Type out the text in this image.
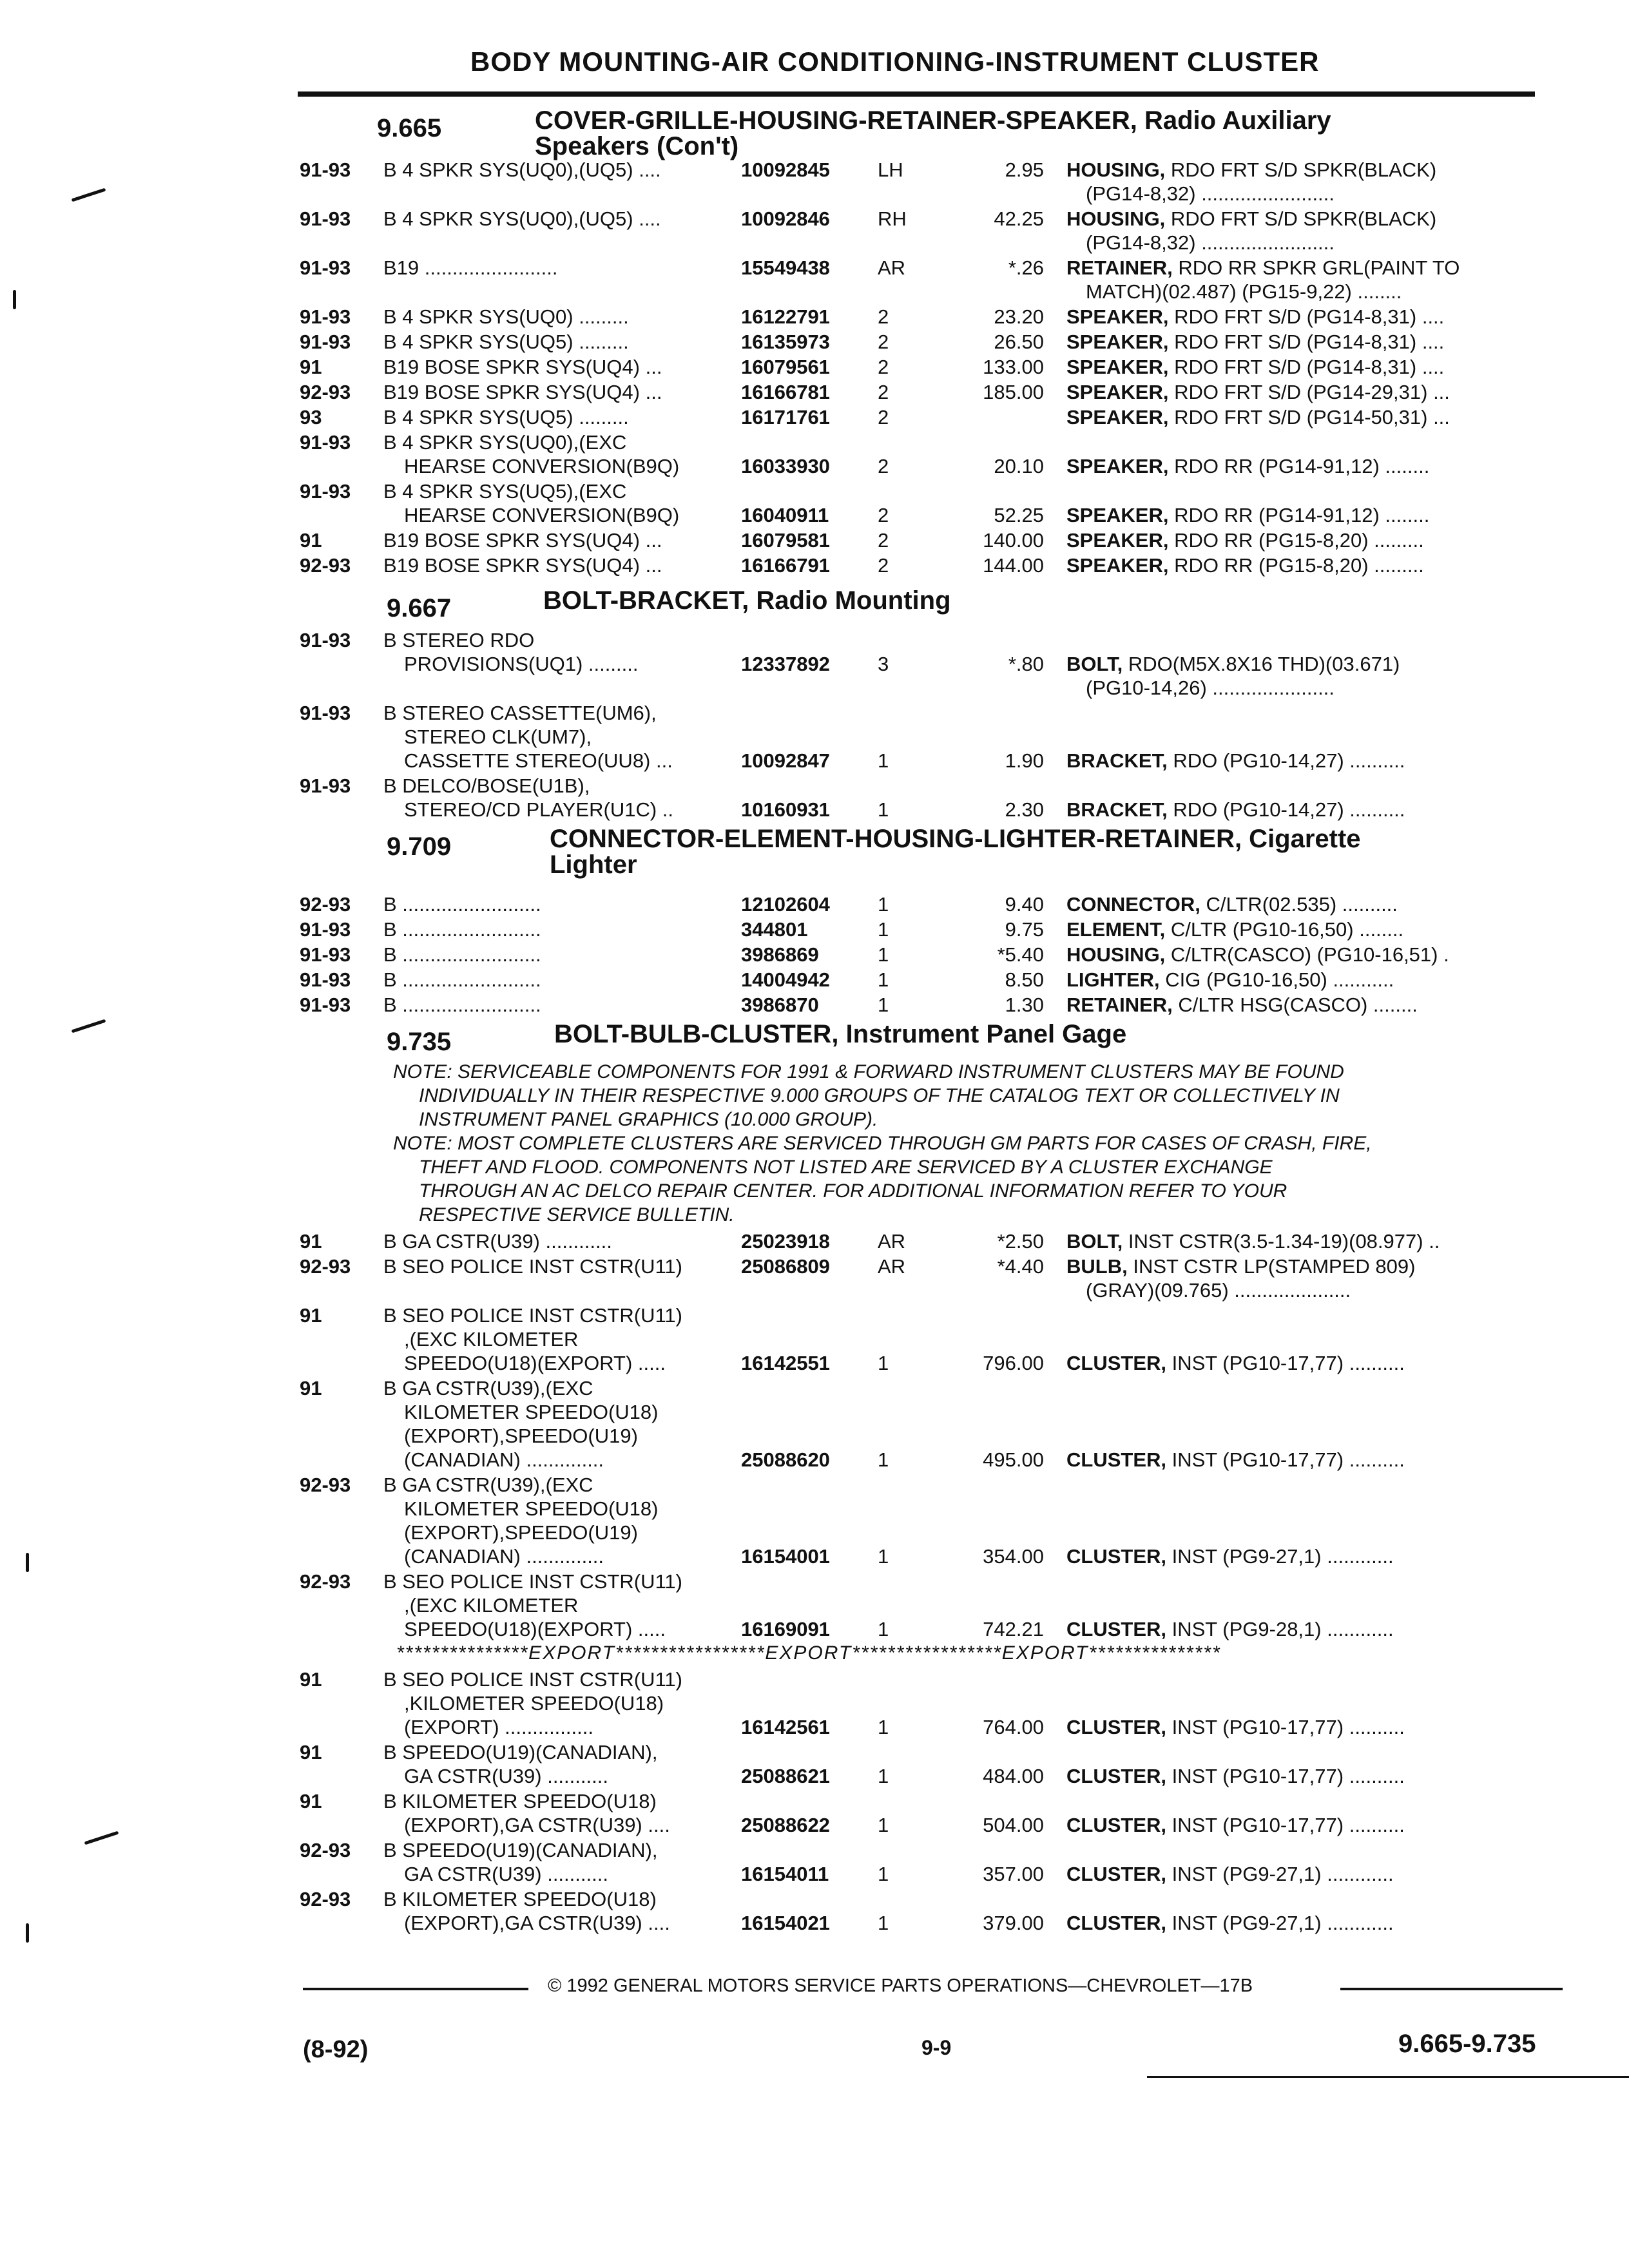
BODY MOUNTING-AIR CONDITIONING-INSTRUMENT CLUSTER
9.665	COVER-GRILLE-HOUSING-RETAINER-SPEAKER, Radio Auxiliary
Speakers (Con't)
91-93 B 4 SPKR SYS(UQ0),(UQ5) ....	10092845 LH	2.95 HOUSING, RDO FRT S/D SPKR(BLACK)
(PG14-8,32) ........................
91-93 B 4 SPKR SYS(UQ0),(UQ5) ....	10092846 RH	42.25 HOUSING, RDO FRT S/D SPKR(BLACK)
(PG14-8,32) ........................
91-93 B19 ........................	15549438 AR	*.26 RETAINER, RDO RR SPKR GRL(PAINT TO
MATCH)(02.487) (PG15-9,22) ........
91-93 B 4 SPKR SYS(UQ0) .........	16122791 2	23.20 SPEAKER, RDO FRT S/D (PG14-8,31) ....
91-93 B 4 SPKR SYS(UQ5) .........	16135973 2	26.50 SPEAKER, RDO FRT S/D (PG14-8,31) ....
91	B19 BOSE SPKR SYS(UQ4) ...	16079561 2	133.00 SPEAKER, RDO FRT S/D (PG14-8,31) ....
92-93 B19 BOSE SPKR SYS(UQ4) ...	16166781 2	185.00 SPEAKER, RDO FRT S/D (PG14-29,31) ...
93	B 4 SPKR SYS(UQ5) .........	16171761 2	SPEAKER, RDO FRT S/D (PG14-50,31) ...
91-93 B 4 SPKR SYS(UQ0),(EXC
HEARSE CONVERSION(B9Q)	16033930 2	20.10 SPEAKER, RDO RR (PG14-91,12) ........
91-93 B 4 SPKR SYS(UQ5),(EXC
HEARSE CONVERSION(B9Q)	16040911 2	52.25 SPEAKER, RDO RR (PG14-91,12) ........
91	B19 BOSE SPKR SYS(UQ4) ...	16079581 2	140.00 SPEAKER, RDO RR (PG15-8,20) .........
92-93 B19 BOSE SPKR SYS(UQ4) ...	16166791 2	144.00 SPEAKER, RDO RR (PG15-8,20) .........
9.667	BOLT-BRACKET, Radio Mounting
91-93 B STEREO RDO
PROVISIONS(UQ1) .........	12337892 3	*.80 BOLT, RDO(M5X.8X16 THD)(03.671)
(PG10-14,26) ......................
91-93 B STEREO CASSETTE(UM6),
STEREO CLK(UM7),
CASSETTE STEREO(UU8) ...	10092847 1	1.90 BRACKET, RDO (PG10-14,27) ..........
91-93 B DELCO/BOSE(U1B),
STEREO/CD PLAYER(U1C) ..	10160931 1	2.30 BRACKET, RDO (PG10-14,27) ..........
9.709	CONNECTOR-ELEMENT-HOUSING-LIGHTER-RETAINER, Cigarette
Lighter
92-93 B .........................	12102604 1	9.40 CONNECTOR, C/LTR(02.535) ..........
91-93 B .........................	344801	1	9.75 ELEMENT, C/LTR (PG10-16,50) ........
91-93 B .........................	3986869	1	*5.40 HOUSING, C/LTR(CASCO) (PG10-16,51) .
91-93 B .........................	14004942 1	8.50 LIGHTER, CIG (PG10-16,50) ...........
91-93 B .........................	3986870	1	1.30 RETAINER, C/LTR HSG(CASCO) ........
9.735	BOLT-BULB-CLUSTER, Instrument Panel Gage
NOTE: SERVICEABLE COMPONENTS FOR 1991 & FORWARD INSTRUMENT CLUSTERS MAY BE FOUND
INDIVIDUALLY IN THEIR RESPECTIVE 9.000 GROUPS OF THE CATALOG TEXT OR COLLECTIVELY IN
INSTRUMENT PANEL GRAPHICS (10.000 GROUP).
NOTE: MOST COMPLETE CLUSTERS ARE SERVICED THROUGH GM PARTS FOR CASES OF CRASH, FIRE,
THEFT AND FLOOD. COMPONENTS NOT LISTED ARE SERVICED BY A CLUSTER EXCHANGE
THROUGH AN AC DELCO REPAIR CENTER. FOR ADDITIONAL INFORMATION REFER TO YOUR
RESPECTIVE SERVICE BULLETIN.
91	B GA CSTR(U39) ............	25023918 AR	*2.50 BOLT, INST CSTR(3.5-1.34-19)(08.977) ..
92-93 B SEO POLICE INST CSTR(U11)	25086809 AR	*4.40 BULB, INST CSTR LP(STAMPED 809)
(GRAY)(09.765) .....................
91	B SEO POLICE INST CSTR(U11)
,(EXC KILOMETER
SPEEDO(U18)(EXPORT) .....	16142551 1	796.00 CLUSTER, INST (PG10-17,77) ..........
91	B GA CSTR(U39),(EXC
KILOMETER SPEEDO(U18)
(EXPORT),SPEEDO(U19)
(CANADIAN) ..............	25088620 1	495.00 CLUSTER, INST (PG10-17,77) ..........
92-93 B GA CSTR(U39),(EXC
KILOMETER SPEEDO(U18)
(EXPORT),SPEEDO(U19)
(CANADIAN) ..............	16154001 1	354.00 CLUSTER, INST (PG9-27,1) ............
92-93 B SEO POLICE INST CSTR(U11)
,(EXC KILOMETER
SPEEDO(U18)(EXPORT) .....	16169091 1	742.21 CLUSTER, INST (PG9-28,1) ............
***************EXPORT*****************EXPORT*****************EXPORT***************
91	B SEO POLICE INST CSTR(U11)
,KILOMETER SPEEDO(U18)
(EXPORT) ................	16142561 1	764.00 CLUSTER, INST (PG10-17,77) ..........
91	B SPEEDO(U19)(CANADIAN),
GA CSTR(U39) ...........	25088621 1	484.00 CLUSTER, INST (PG10-17,77) ..........
91	B KILOMETER SPEEDO(U18)
(EXPORT),GA CSTR(U39) ....	25088622 1	504.00 CLUSTER, INST (PG10-17,77) ..........
92-93 B SPEEDO(U19)(CANADIAN),
GA CSTR(U39) ...........	16154011 1	357.00 CLUSTER, INST (PG9-27,1) ............
92-93 B KILOMETER SPEEDO(U18)
(EXPORT),GA CSTR(U39) ....	16154021 1	379.00 CLUSTER, INST (PG9-27,1) ............
© 1992 GENERAL MOTORS SERVICE PARTS OPERATIONS—CHEVROLET—17B
(8-92)	9-9	9.665-9.735
